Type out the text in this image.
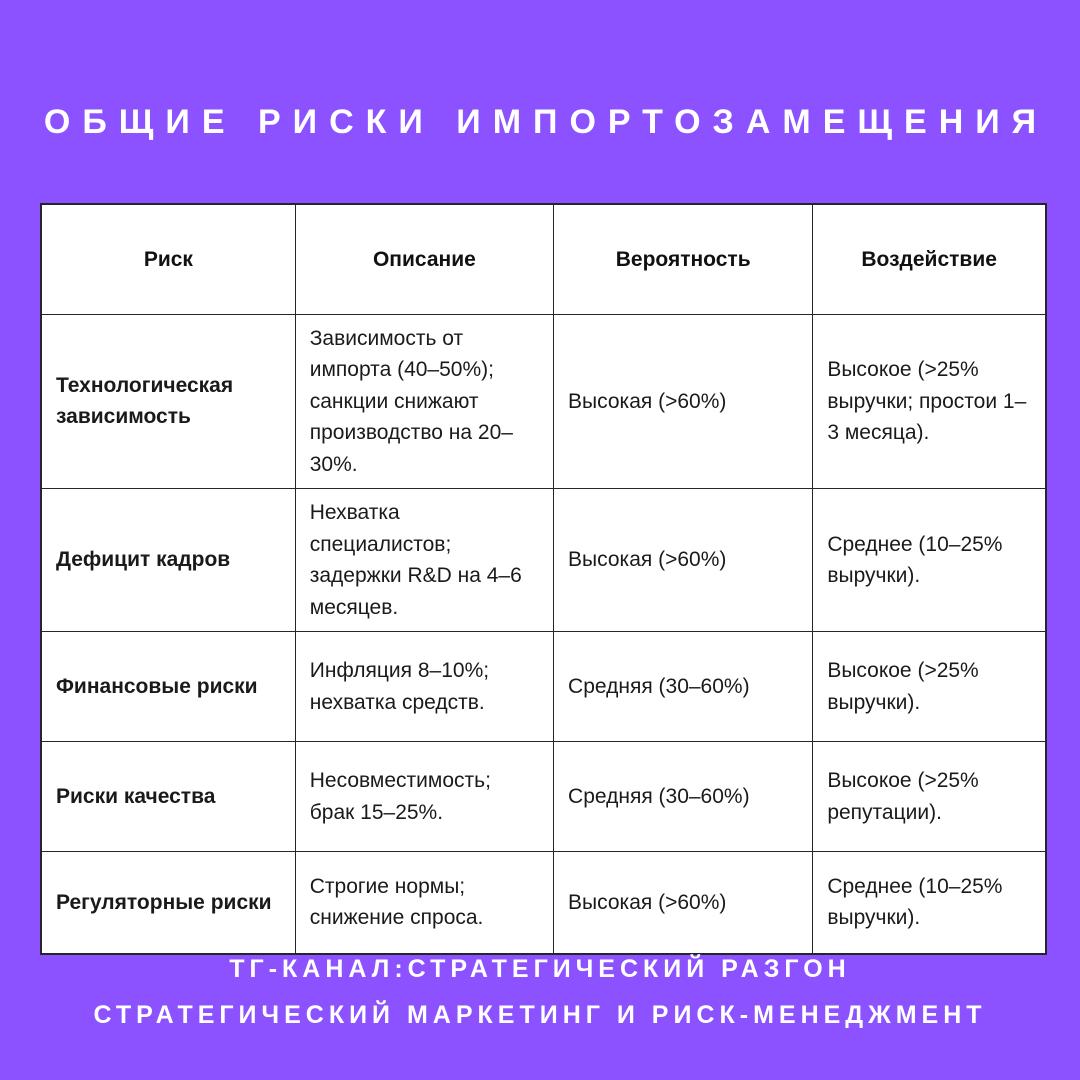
ОБЩИЕ РИСКИ ИМПОРТОЗАМЕЩЕНИЯ
Риск	Описание	Вероятность	Воздействие
Технологическая зависимость	Зависимость от импорта (40–50%); санкции снижают производство на 20–30%.	Высокая (>60%)	Высокое (>25% выручки; простои 1–3 месяца).
Дефицит кадров	Нехватка специалистов; задержки R&D на 4–6 месяцев.	Высокая (>60%)	Среднее (10–25% выручки).
Финансовые риски	Инфляция 8–10%; нехватка средств.	Средняя (30–60%)	Высокое (>25% выручки).
Риски качества	Несовместимость; брак 15–25%.	Средняя (30–60%)	Высокое (>25% репутации).
Регуляторные риски	Строгие нормы; снижение спроса.	Высокая (>60%)	Среднее (10–25% выручки).
ТГ-КАНАЛ:СТРАТЕГИЧЕСКИЙ РАЗГОН
СТРАТЕГИЧЕСКИЙ МАРКЕТИНГ И РИСК-МЕНЕДЖМЕНТ
